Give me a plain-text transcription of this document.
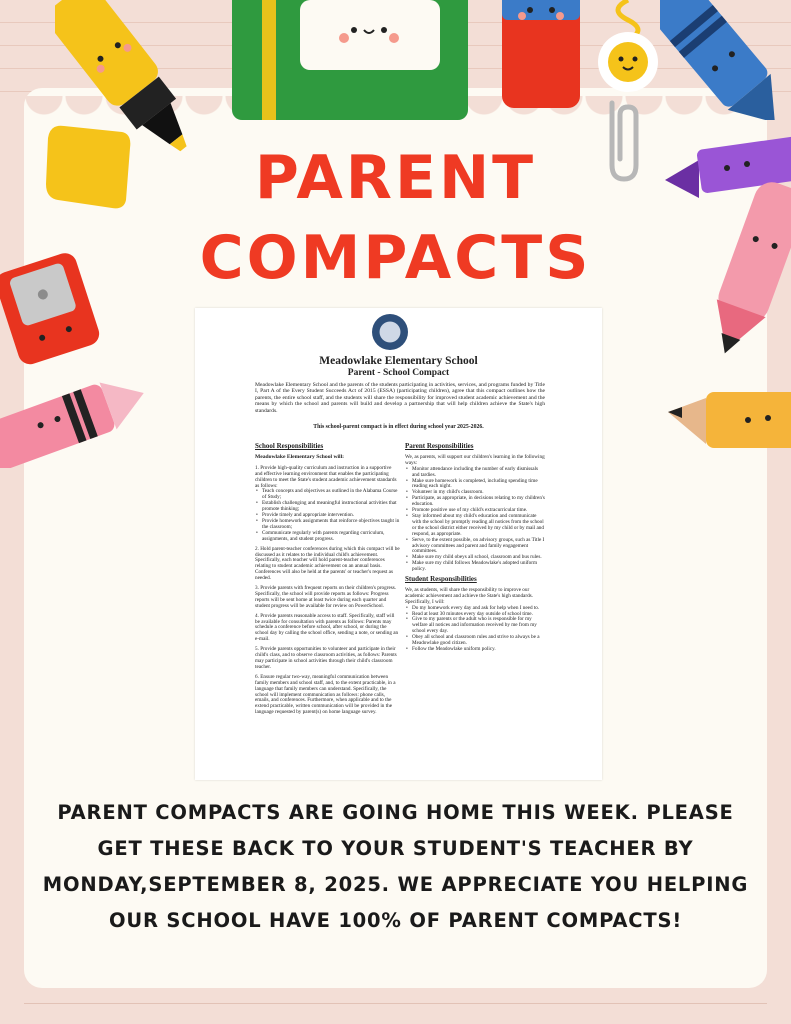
PARENT
COMPACTS
Meadowlake Elementary School
Parent - School Compact
Meadowlake Elementary School and the parents of the students participating in activities, services, and programs funded by Title I, Part A of the Every Student Succeeds Act of 2015 (ESSA) (participating children), agree that this compact outlines how the parents, the entire school staff, and the students will share the responsibility for improved student academic achievement and the means by which the school and parents will build and develop a partnership that will help children achieve the State's high standards.
This school-parent compact is in effect during school year 2025-2026.
School Responsibilities
Meadowlake Elementary School will:
1. Provide high-quality curriculum and instruction in a supportive and effective learning environment that enables the participating children to meet the State's student academic achievement standards as follows:
• Teach concepts and objectives as outlined in the Alabama Course of Study;
• Establish challenging and meaningful instructional activities that promote thinking;
• Provide timely and appropriate intervention.
• Provide homework assignments that reinforce objectives taught in the classroom;
• Communicate regularly with parents regarding curriculum, assignments, and student progress.
2. Hold parent-teacher conferences during which this compact will be discussed as it relates to the individual child's achievement. Specifically, each teacher will hold parent-teacher conferences relating to student academic achievement on an annual basis. Conferences will also be held at the parents' or teacher's request as needed.
3. Provide parents with frequent reports on their children's progress. Specifically, the school will provide reports as follows: Progress reports will be sent home at least twice during each quarter and student progress will be available for review on PowerSchool.
4. Provide parents reasonable access to staff. Specifically, staff will be available for consultation with parents as follows: Parents may schedule a conference before school, after school, or during the school day by calling the school office, sending a note, or sending an e-mail.
5. Provide parents opportunities to volunteer and participate in their child's class, and to observe classroom activities, as follows: Parents may participate in school activities through their child's classroom teacher.
6. Ensure regular two-way, meaningful communication between family members and school staff, and, to the extent practicable, in a language that family members can understand. Specifically, the school will implement communication as follows: phone calls, emails, and conferences. Furthermore, when applicable and to the extend practicable, written communication will be provided in the language requested by parent(s) on home language survey.
Parent Responsibilities
We, as parents, will support our children's learning in the following ways:
• Monitor attendance including the number of early dismissals and tardies.
• Make sure homework is completed, including spending time reading each night.
• Volunteer in my child's classroom.
• Participate, as appropriate, in decisions relating to my children's education.
• Promote positive use of my child's extracurricular time.
• Stay informed about my child's education and communicate with the school by promptly reading all notices from the school or the school district either received by my child or by mail and respond, as appropriate.
• Serve, to the extent possible, on advisory groups, such as Title I advisory committees and parent and family engagement committees.
• Make sure my child obeys all school, classroom and bus rules.
• Make sure my child follows Meadowlake's adopted uniform policy.
Student Responsibilities
We, as students, will share the responsibility to improve our academic achievement and achieve the State's high standards. Specifically, I will:
• Do my homework every day and ask for help when I need to.
• Read at least 30 minutes every day outside of school time.
• Give to my parents or the adult who is responsible for my welfare all notices and information received by me from my school every day.
• Obey all school and classroom rules and strive to always be a Meadowlake good citizen.
• Follow the Meadowlake uniform policy.
PARENT COMPACTS ARE GOING HOME THIS WEEK. PLEASE GET THESE BACK TO YOUR STUDENT'S TEACHER BY MONDAY,SEPTEMBER 8, 2025. WE APPRECIATE YOU HELPING OUR SCHOOL HAVE 100% OF PARENT COMPACTS!
